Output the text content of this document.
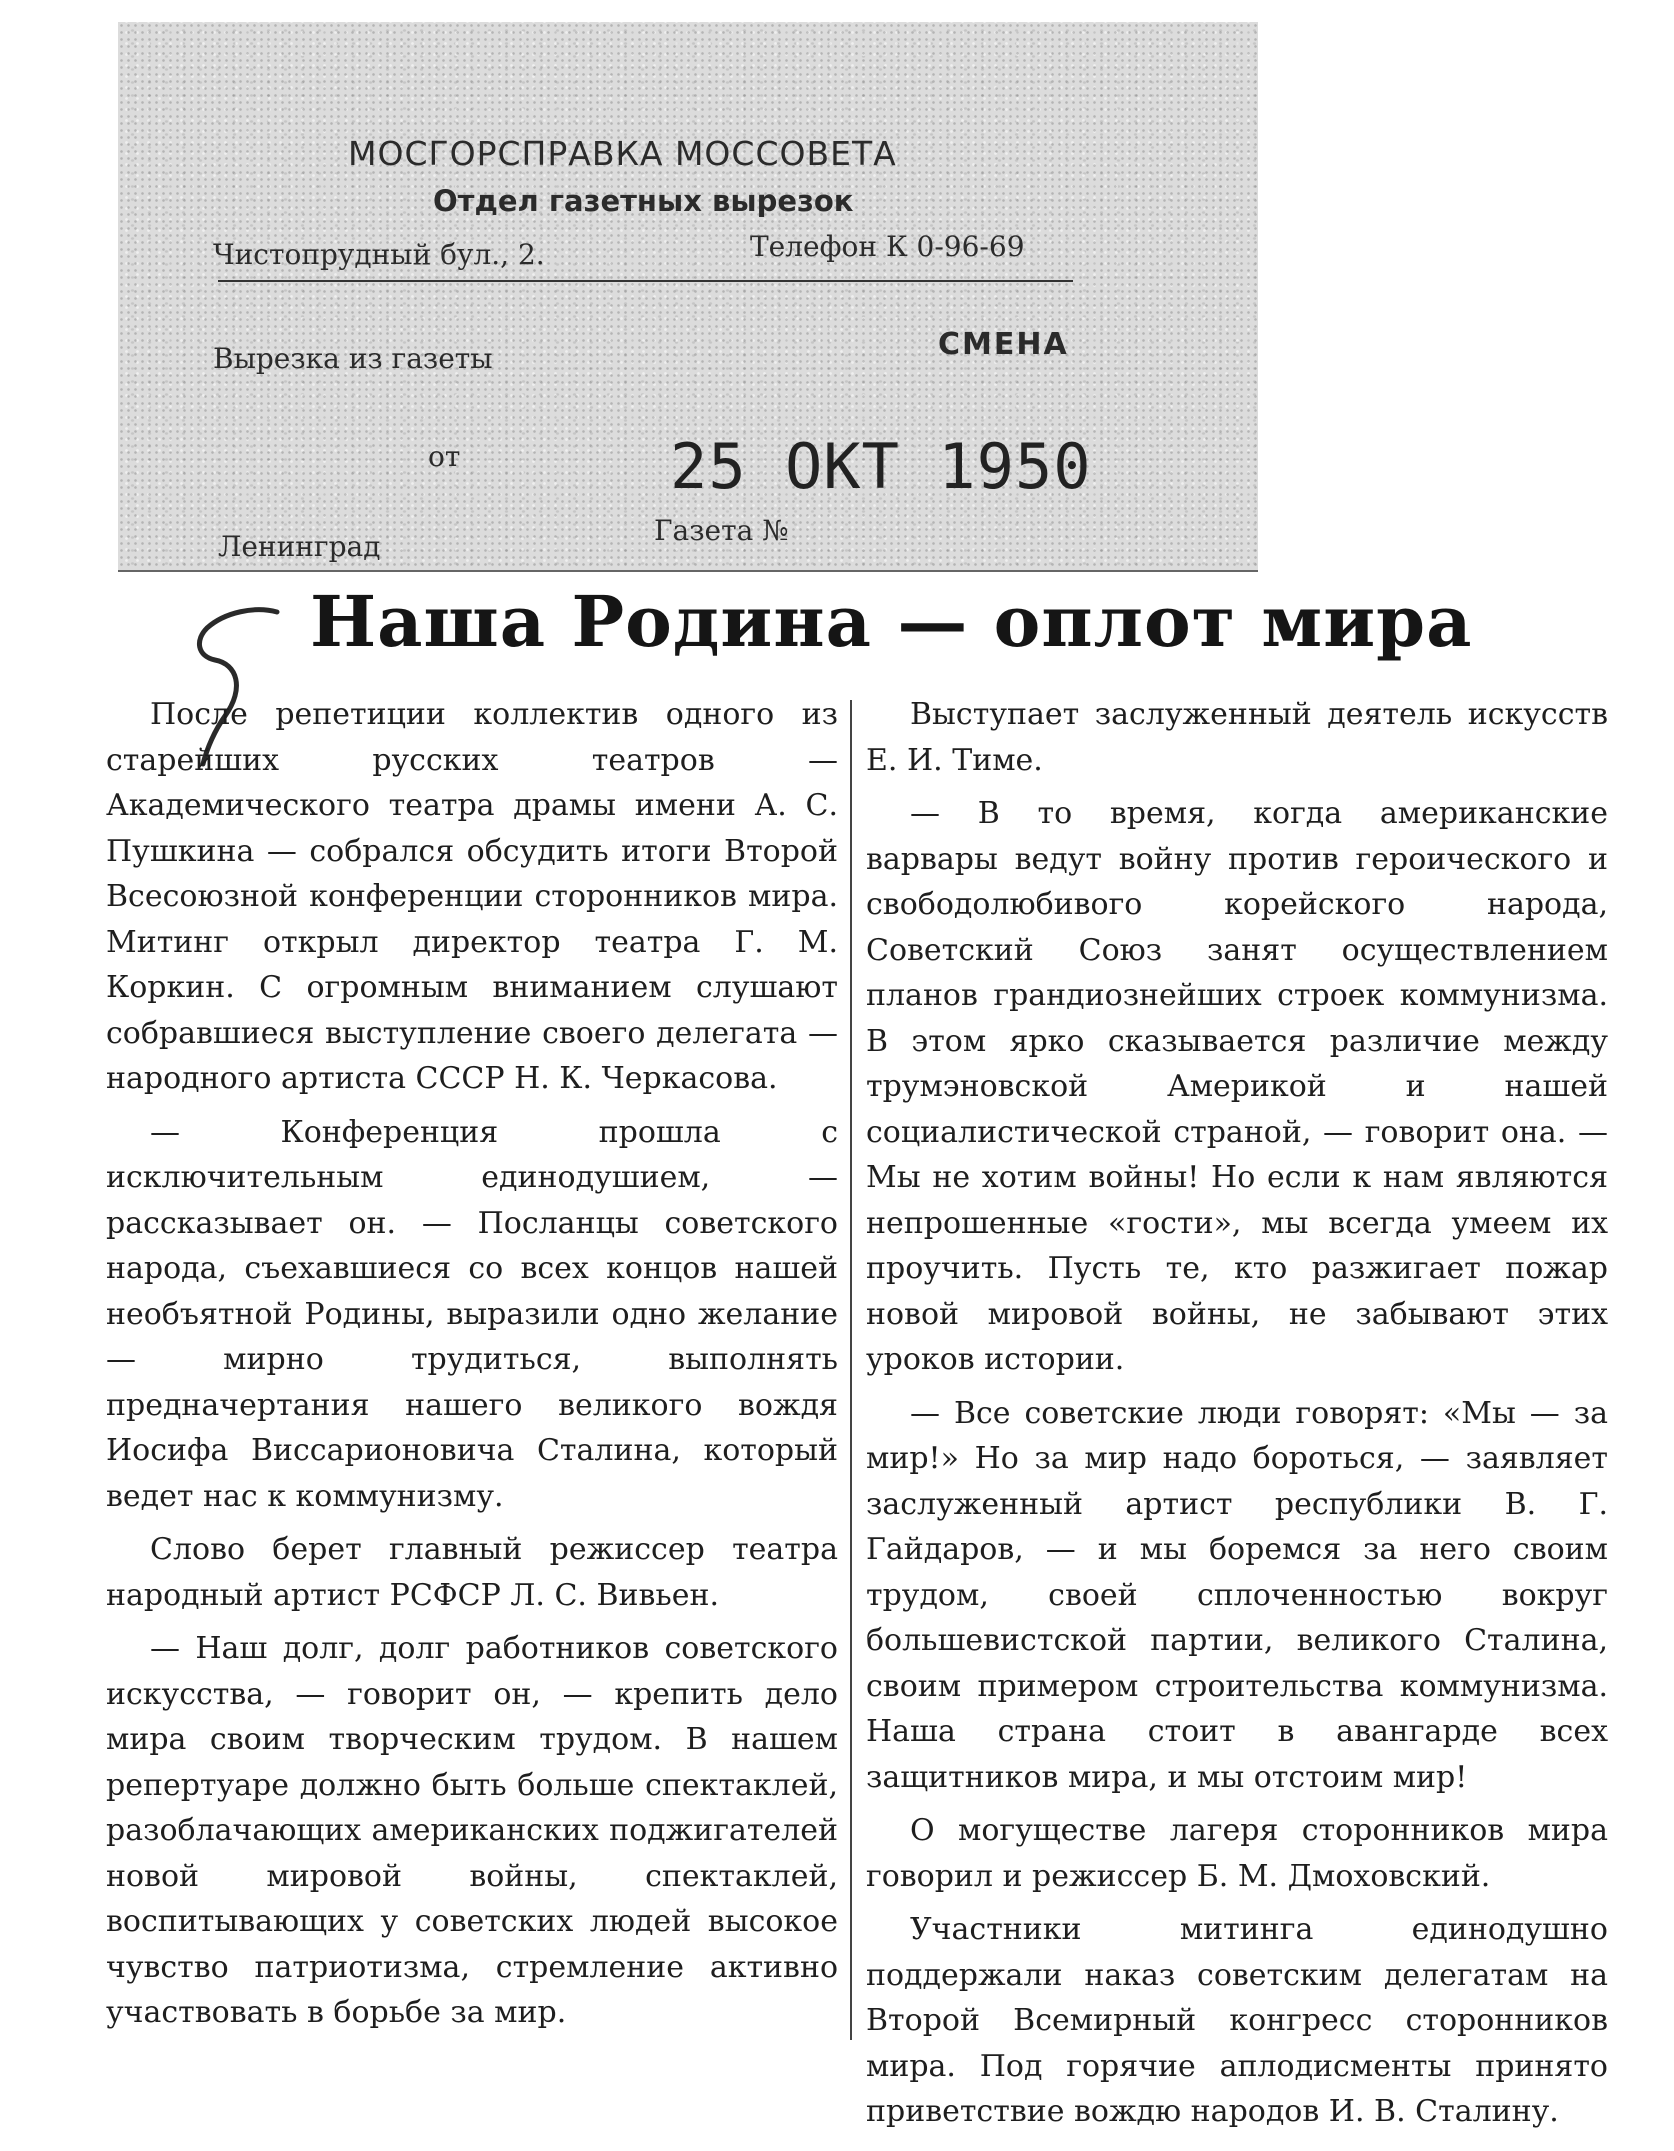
МОСГОРСПРАВКА МОССОВЕТА
Отдел газетных вырезок
Чистопрудный бул., 2.	Телефон К 0-96-69
Вырезка из газеты	СМЕНА
от	25 ОКТ 1950
Ленинград	Газета №
Наша Родина — оплот мира

После репетиции коллектив одного из старейших русских театров — Академического театра драмы имени А. С. Пушкина — собрался обсудить итоги Второй Всесоюзной конференции сторонников мира. Митинг открыл директор театра Г. М. Коркин. С огромным вниманием слушают собравшиеся выступление своего делегата — народного артиста СССР Н. К. Черкасова.

— Конференция прошла с исключительным единодушием, — рассказывает он. — Посланцы советского народа, съехавшиеся со всех концов нашей необъятной Родины, выразили одно желание — мирно трудиться, выполнять предначертания нашего великого вождя Иосифа Виссарионовича Сталина, который ведет нас к коммунизму.

Слово берет главный режиссер театра народный артист РСФСР Л. С. Вивьен.

— Наш долг, долг работников советского искусства, — говорит он, — крепить дело мира своим творческим трудом. В нашем репертуаре должно быть больше спектаклей, разоблачающих американских поджигателей новой мировой войны, спектаклей, воспитывающих у советских людей высокое чувство патриотизма, стремление активно участвовать в борьбе за мир.

Выступает заслуженный деятель искусств Е. И. Тиме.

— В то время, когда американские варвары ведут войну против героического и свободолюбивого корейского народа, Советский Союз занят осуществлением планов грандиознейших строек коммунизма. В этом ярко сказывается различие между трумэновской Америкой и нашей социалистической страной, — говорит она. — Мы не хотим войны! Но если к нам являются непрошенные «гости», мы всегда умеем их проучить. Пусть те, кто разжигает пожар новой мировой войны, не забывают этих уроков истории.

— Все советские люди говорят: «Мы — за мир!» Но за мир надо бороться, — заявляет заслуженный артист республики В. Г. Гайдаров, — и мы боремся за него своим трудом, своей сплоченностью вокруг большевистской партии, великого Сталина, своим примером строительства коммунизма. Наша страна стоит в авангарде всех защитников мира, и мы отстоим мир!

О могуществе лагеря сторонников мира говорил и режиссер Б. М. Дмоховский.

Участники митинга единодушно поддержали наказ советским делегатам на Второй Всемирный конгресс сторонников мира. Под горячие аплодисменты принято приветствие вождю народов И. В. Сталину.
